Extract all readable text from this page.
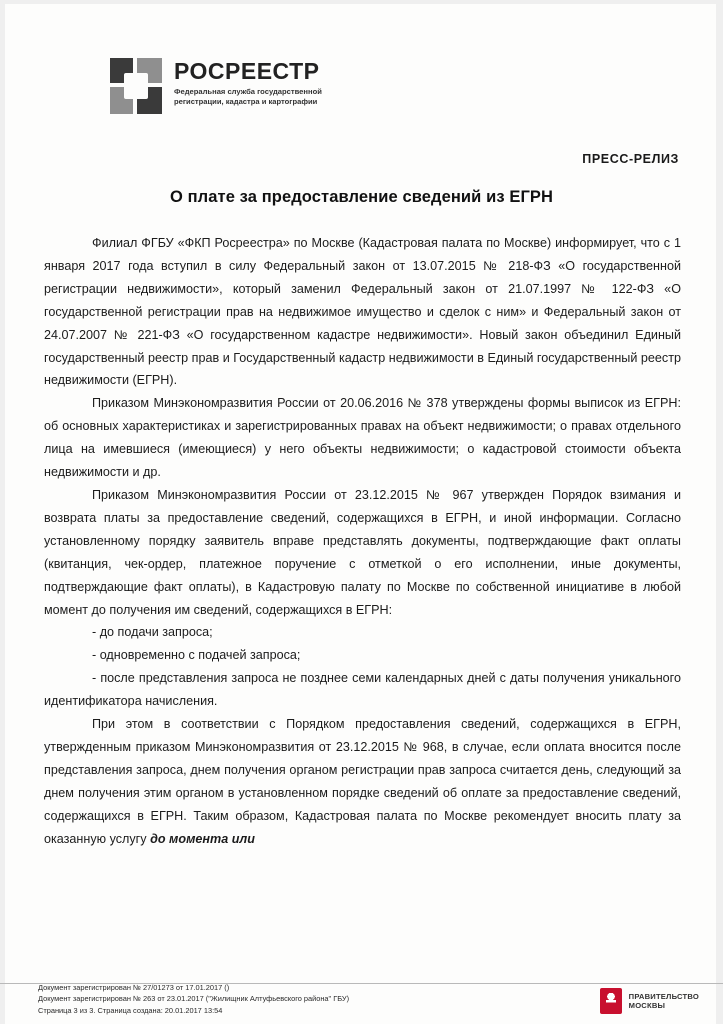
РОСРЕЕСТР
Федеральная служба государственной регистрации, кадастра и картографии
ПРЕСС-РЕЛИЗ
О плате за предоставление сведений из ЕГРН

Филиал ФГБУ «ФКП Росреестра» по Москве (Кадастровая палата по Москве) информирует, что с 1 января 2017 года вступил в силу Федеральный закон от 13.07.2015 № 218-ФЗ «О государственной регистрации недвижимости», который заменил Федеральный закон от 21.07.1997 № 122-ФЗ «О государственной регистрации прав на недвижимое имущество и сделок с ним» и Федеральный закон от 24.07.2007 № 221-ФЗ «О государственном кадастре недвижимости». Новый закон объединил Единый государственный реестр прав и Государственный кадастр недвижимости в Единый государственный реестр недвижимости (ЕГРН).

Приказом Минэкономразвития России от 20.06.2016 № 378 утверждены формы выписок из ЕГРН: об основных характеристиках и зарегистрированных правах на объект недвижимости; о правах отдельного лица на имевшиеся (имеющиеся) у него объекты недвижимости; о кадастровой стоимости объекта недвижимости и др.

Приказом Минэкономразвития России от 23.12.2015 № 967 утвержден Порядок взимания и возврата платы за предоставление сведений, содержащихся в ЕГРН, и иной информации. Согласно установленному порядку заявитель вправе представлять документы, подтверждающие факт оплаты (квитанция, чек-ордер, платежное поручение с отметкой о его исполнении, иные документы, подтверждающие факт оплаты), в Кадастровую палату по Москве по собственной инициативе в любой момент до получения им сведений, содержащихся в ЕГРН:

- до подачи запроса;

- одновременно с подачей запроса;

- после представления запроса не позднее семи календарных дней с даты получения уникального идентификатора начисления.

При этом в соответствии с Порядком предоставления сведений, содержащихся в ЕГРН, утвержденным приказом Минэкономразвития от 23.12.2015 № 968, в случае, если оплата вносится после представления запроса, днем получения органом регистрации прав запроса считается день, следующий за днем получения этим органом в установленном порядке сведений об оплате за предоставление сведений, содержащихся в ЕГРН. Таким образом, Кадастровая палата по Москве рекомендует вносить плату за оказанную услугу до момента или

Документ зарегистрирован № 27/01273 от 17.01.2017 ()
Документ зарегистрирован № 263 от 23.01.2017 ("Жилищник Алтуфьевского района" ГБУ)
Страница 3 из 3. Страница создана: 20.01.2017 13:54
ПРАВИТЕЛЬСТВО
МОСКВЫ
